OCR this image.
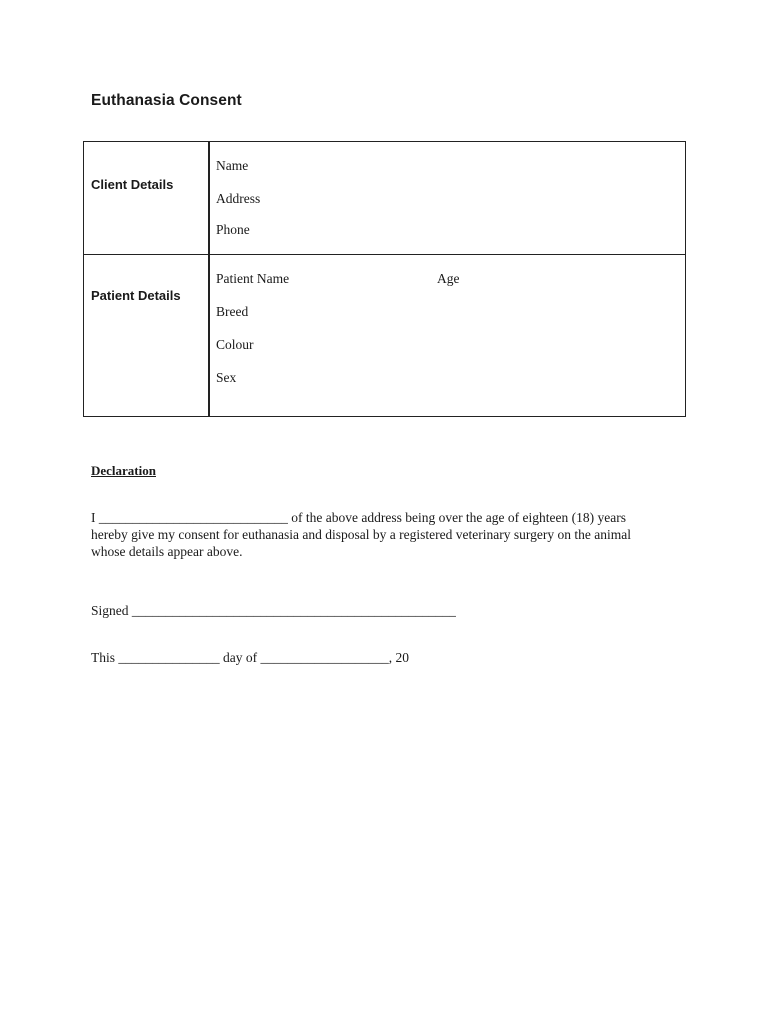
Euthanasia Consent
Client Details
Name
Address
Phone
Patient Details
Patient Name	Age
Breed
Colour
Sex
Declaration
I ____________________________ of the above address being over the age of eighteen (18) years
hereby give my consent for euthanasia and disposal by a registered veterinary surgery on the animal
whose details appear above.
Signed ________________________________________________
This _______________ day of ___________________, 20
